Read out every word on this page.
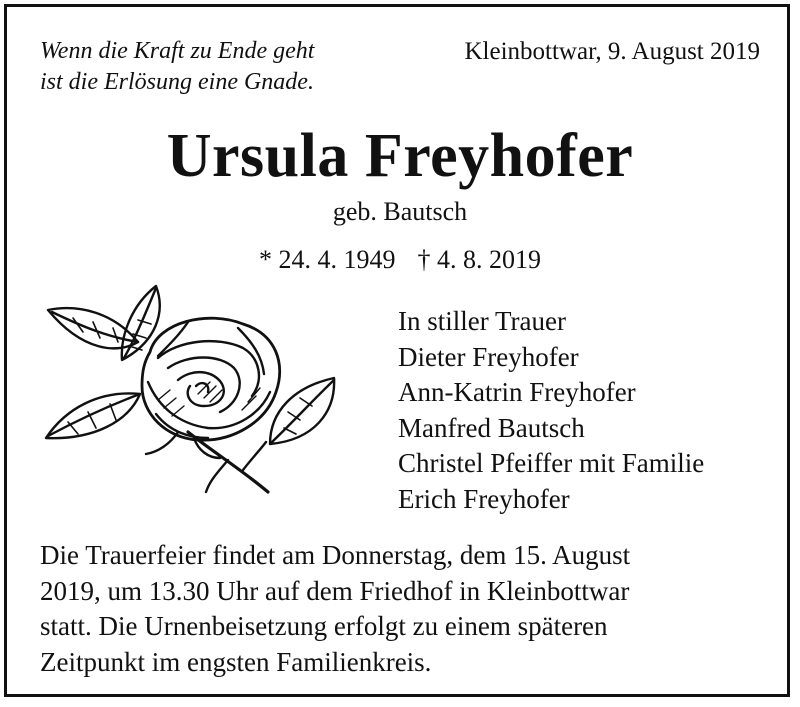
Wenn die Kraft zu Ende geht
ist die Erlösung eine Gnade.

Kleinbottwar, 9. August 2019

Ursula Freyhofer

geb. Bautsch

* 24. 4. 1949 † 4. 8. 2019

In stiller Trauer
Dieter Freyhofer
Ann-Katrin Freyhofer
Manfred Bautsch
Christel Pfeiffer mit Familie
Erich Freyhofer

Die Trauerfeier findet am Donnerstag, dem 15. August
2019, um 13.30 Uhr auf dem Friedhof in Kleinbottwar
statt. Die Urnenbeisetzung erfolgt zu einem späteren
Zeitpunkt im engsten Familienkreis.
